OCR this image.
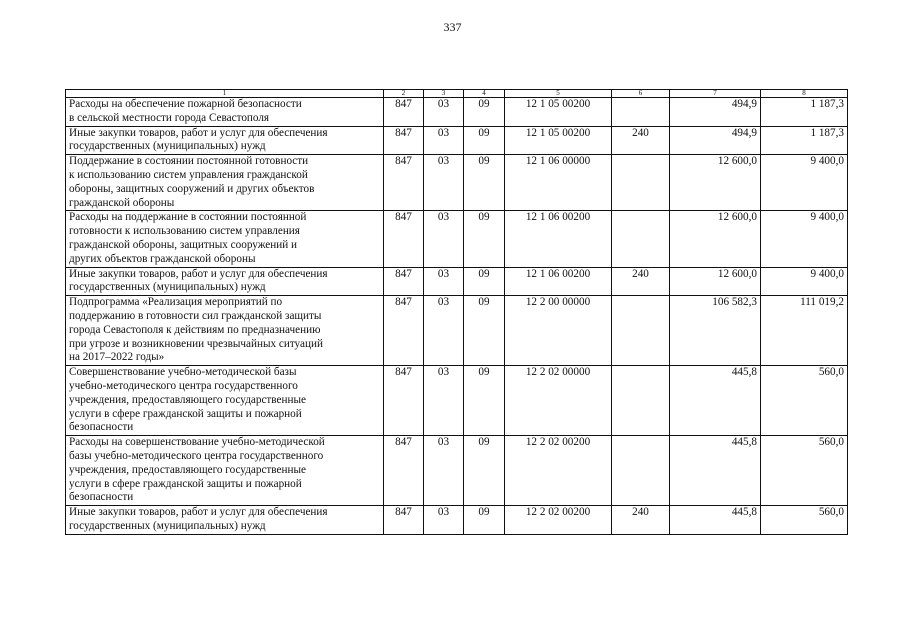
337
1	2	3	4	5	6	7	8

Расходы на обеспечение пожарной безопасности
в сельской местности города Севастополя	847	03	09	12 1 05 00200		494,9	1 187,3

Иные закупки товаров, работ и услуг для обеспечения
государственных (муниципальных) нужд	847	03	09	12 1 05 00200	240	494,9	1 187,3

Поддержание в состоянии постоянной готовности
к использованию систем управления гражданской
обороны, защитных сооружений и других объектов
гражданской обороны	847	03	09	12 1 06 00000		12 600,0	9 400,0

Расходы на поддержание в состоянии постоянной
готовности к использованию систем управления
гражданской обороны, защитных сооружений и
других объектов гражданской обороны	847	03	09	12 1 06 00200		12 600,0	9 400,0

Иные закупки товаров, работ и услуг для обеспечения
государственных (муниципальных) нужд	847	03	09	12 1 06 00200	240	12 600,0	9 400,0

Подпрограмма «Реализация мероприятий по
поддержанию в готовности сил гражданской защиты
города Севастополя к действиям по предназначению
при угрозе и возникновении чрезвычайных ситуаций
на 2017–2022 годы»	847	03	09	12 2 00 00000		106 582,3	111 019,2

Совершенствование учебно-методической базы
учебно-методического центра государственного
учреждения, предоставляющего государственные
услуги в сфере гражданской защиты и пожарной
безопасности	847	03	09	12 2 02 00000		445,8	560,0

Расходы на совершенствование учебно-методической
базы учебно-методического центра государственного
учреждения, предоставляющего государственные
услуги в сфере гражданской защиты и пожарной
безопасности	847	03	09	12 2 02 00200		445,8	560,0

Иные закупки товаров, работ и услуг для обеспечения
государственных (муниципальных) нужд	847	03	09	12 2 02 00200	240	445,8	560,0
